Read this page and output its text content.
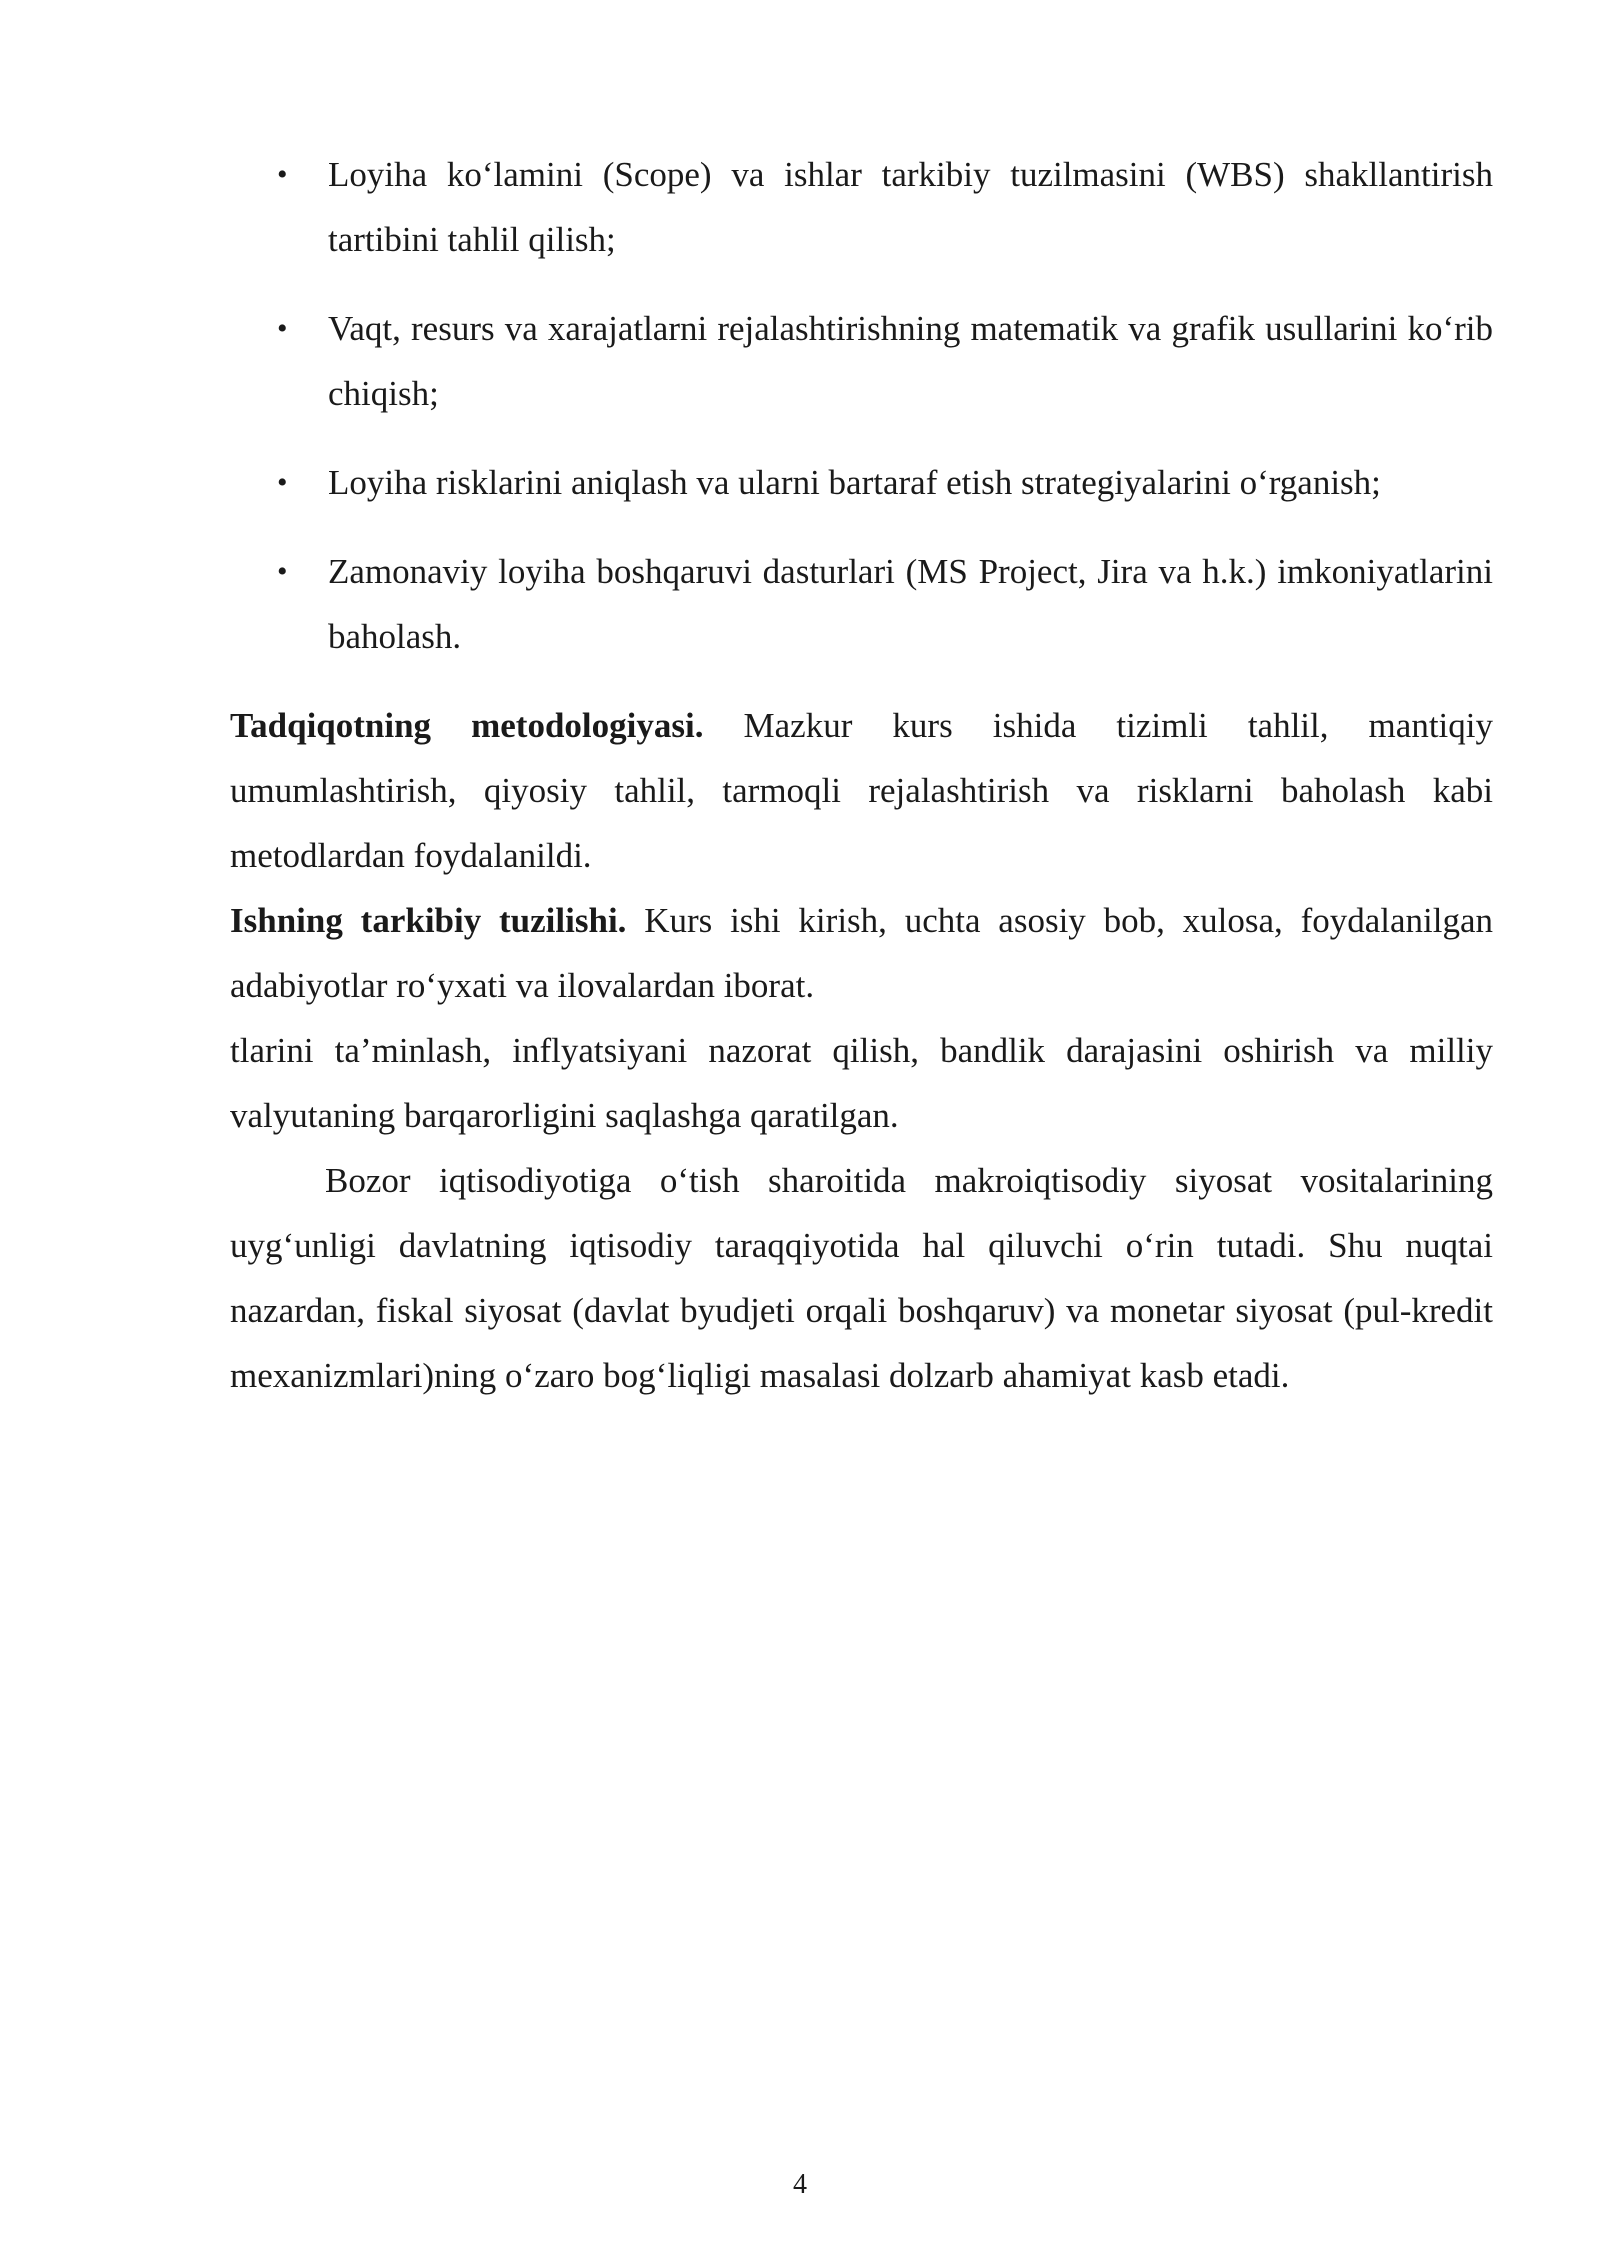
• Loyiha ko‘lamini (Scope) va ishlar tarkibiy tuzilmasini (WBS) shakllantirish tartibini tahlil qilish;
• Vaqt, resurs va xarajatlarni rejalashtirishning matematik va grafik usullarini ko‘rib chiqish;
• Loyiha risklarini aniqlash va ularni bartaraf etish strategiyalarini o‘rganish;
• Zamonaviy loyiha boshqaruvi dasturlari (MS Project, Jira va h.k.) imkoniyatlarini baholash.

Tadqiqotning metodologiyasi. Mazkur kurs ishida tizimli tahlil, mantiqiy umumlashtirish, qiyosiy tahlil, tarmoqli rejalashtirish va risklarni baholash kabi metodlardan foydalanildi.

Ishning tarkibiy tuzilishi. Kurs ishi kirish, uchta asosiy bob, xulosa, foydalanilgan adabiyotlar ro‘yxati va ilovalardan iborat.

tlarini ta’minlash, inflyatsiyani nazorat qilish, bandlik darajasini oshirish va milliy valyutaning barqarorligini saqlashga qaratilgan.

Bozor iqtisodiyotiga o‘tish sharoitida makroiqtisodiy siyosat vositalarining uyg‘unligi davlatning iqtisodiy taraqqiyotida hal qiluvchi o‘rin tutadi. Shu nuqtai nazardan, fiskal siyosat (davlat byudjeti orqali boshqaruv) va monetar siyosat (pul-kredit mexanizmlari)ning o‘zaro bog‘liqligi masalasi dolzarb ahamiyat kasb etadi.

4
